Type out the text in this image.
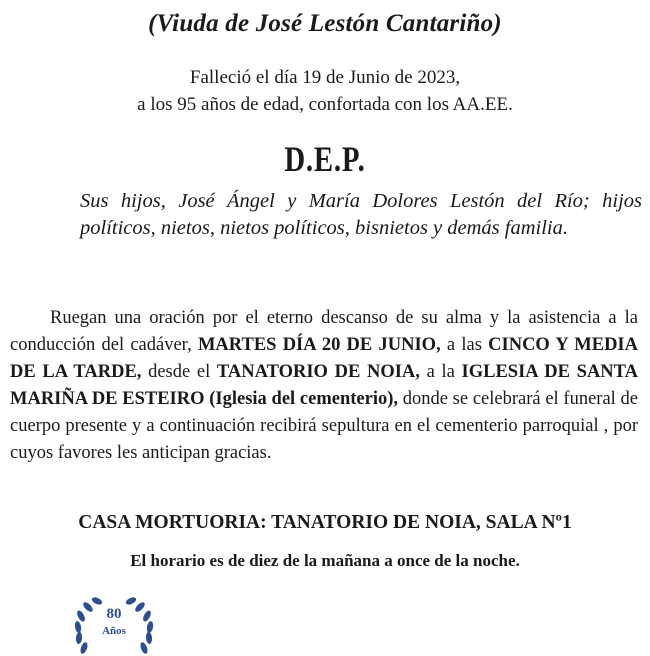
(Viuda de José Lestón Cantariño)
Falleció el día 19 de Junio de 2023,
a los 95 años de edad, confortada con los AA.EE.
D.E.P.
Sus hijos, José Ángel y María Dolores Lestón del Río; hijos políticos, nietos, nietos políticos, bisnietos y demás familia.
Ruegan una oración por el eterno descanso de su alma y la asistencia a la conducción del cadáver, MARTES DÍA 20 DE JUNIO, a las CINCO Y MEDIA DE LA TARDE, desde el TANATORIO DE NOIA, a la IGLESIA DE SANTA MARIÑA DE ESTEIRO (Iglesia del cementerio), donde se celebrará el funeral de cuerpo presente y a continuación recibirá sepultura en el cementerio parroquial , por cuyos favores les anticipan gracias.
CASA MORTUORIA: TANATORIO DE NOIA, SALA Nº1
El horario es de diez de la mañana a once de la noche.
80
Años
